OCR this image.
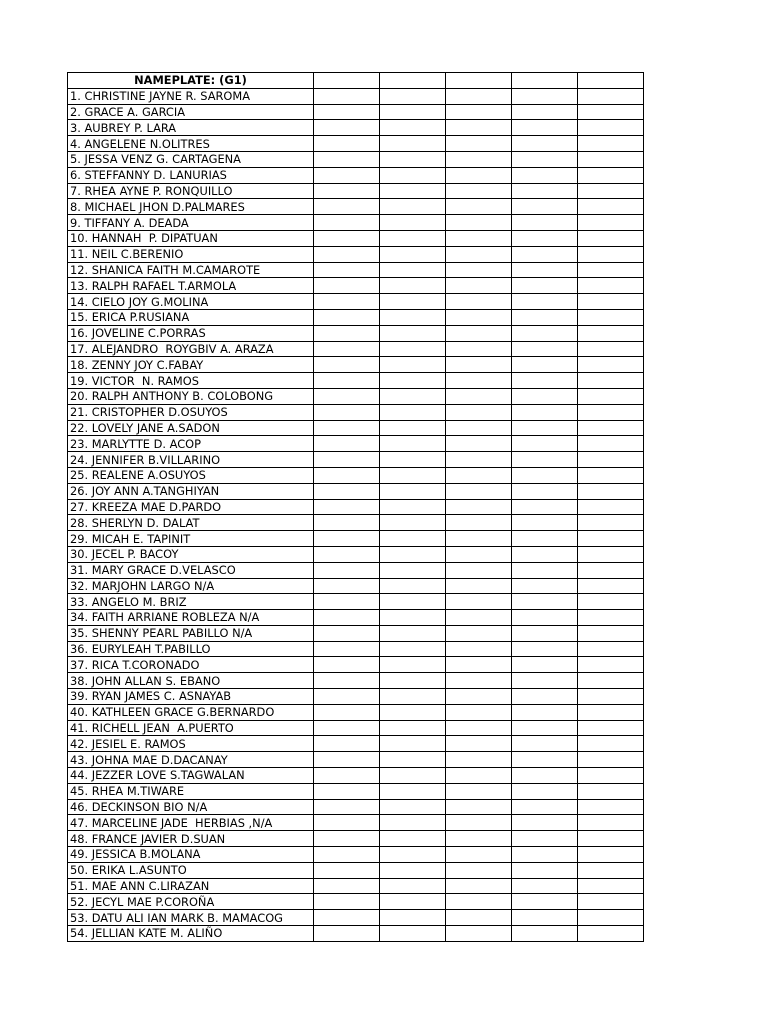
NAMEPLATE: (G1)					
1. CHRISTINE JAYNE R. SAROMA					
2. GRACE A. GARCIA					
3. AUBREY P. LARA					
4. ANGELENE N.OLITRES					
5. JESSA VENZ G. CARTAGENA					
6. STEFFANNY D. LANURIAS					
7. RHEA AYNE P. RONQUILLO					
8. MICHAEL JHON D.PALMARES					
9. TIFFANY A. DEADA					
10. HANNAH  P. DIPATUAN					
11. NEIL C.BERENIO					
12. SHANICA FAITH M.CAMAROTE					
13. RALPH RAFAEL T.ARMOLA					
14. CIELO JOY G.MOLINA					
15. ERICA P.RUSIANA					
16. JOVELINE C.PORRAS					
17. ALEJANDRO  ROYGBIV A. ARAZA					
18. ZENNY JOY C.FABAY					
19. VICTOR  N. RAMOS					
20. RALPH ANTHONY B. COLOBONG					
21. CRISTOPHER D.OSUYOS					
22. LOVELY JANE A.SADON					
23. MARLYTTE D. ACOP					
24. JENNIFER B.VILLARINO					
25. REALENE A.OSUYOS					
26. JOY ANN A.TANGHIYAN					
27. KREEZA MAE D.PARDO					
28. SHERLYN D. DALAT					
29. MICAH E. TAPINIT					
30. JECEL P. BACOY					
31. MARY GRACE D.VELASCO					
32. MARJOHN LARGO N/A					
33. ANGELO M. BRIZ					
34. FAITH ARRIANE ROBLEZA N/A					
35. SHENNY PEARL PABILLO N/A					
36. EURYLEAH T.PABILLO					
37. RICA T.CORONADO					
38. JOHN ALLAN S. EBANO					
39. RYAN JAMES C. ASNAYAB					
40. KATHLEEN GRACE G.BERNARDO					
41. RICHELL JEAN  A.PUERTO					
42. JESIEL E. RAMOS					
43. JOHNA MAE D.DACANAY					
44. JEZZER LOVE S.TAGWALAN					
45. RHEA M.TIWARE					
46. DECKINSON BIO N/A					
47. MARCELINE JADE  HERBIAS ,N/A					
48. FRANCE JAVIER D.SUAN					
49. JESSICA B.MOLANA					
50. ERIKA L.ASUNTO					
51. MAE ANN C.LIRAZAN					
52. JECYL MAE P.COROÑA					
53. DATU ALI IAN MARK B. MAMACOG					
54. JELLIAN KATE M. ALIÑO					
